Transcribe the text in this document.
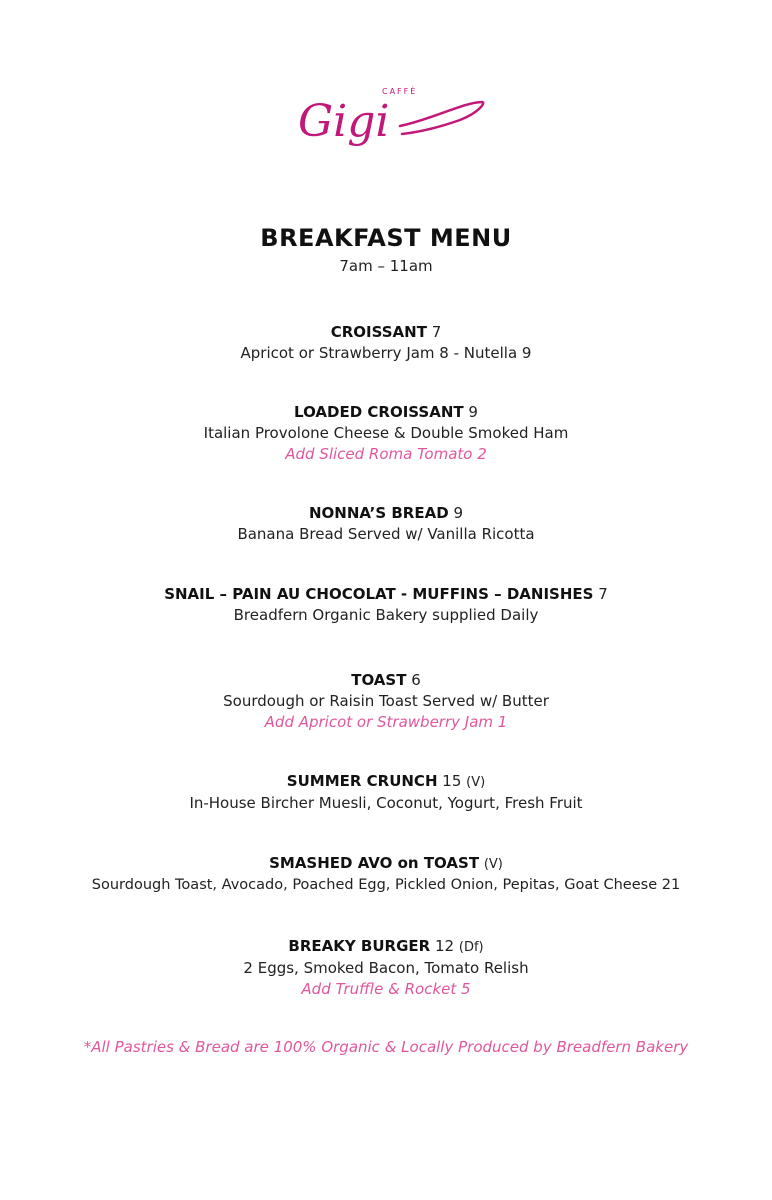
CAFFÈ
Gigi
BREAKFAST MENU
7am – 11am
CROISSANT 7
Apricot or Strawberry Jam 8 - Nutella 9
LOADED CROISSANT 9
Italian Provolone Cheese & Double Smoked Ham
Add Sliced Roma Tomato 2
NONNA’S BREAD 9
Banana Bread Served w/ Vanilla Ricotta
SNAIL – PAIN AU CHOCOLAT - MUFFINS – DANISHES 7
Breadfern Organic Bakery supplied Daily
TOAST 6
Sourdough or Raisin Toast Served w/ Butter
Add Apricot or Strawberry Jam 1
SUMMER CRUNCH 15 (V)
In-House Bircher Muesli, Coconut, Yogurt, Fresh Fruit
SMASHED AVO on TOAST (V)
Sourdough Toast, Avocado, Poached Egg, Pickled Onion, Pepitas, Goat Cheese 21
BREAKY BURGER 12 (Df)
2 Eggs, Smoked Bacon, Tomato Relish
Add Truffle & Rocket 5
*All Pastries & Bread are 100% Organic & Locally Produced by Breadfern Bakery
